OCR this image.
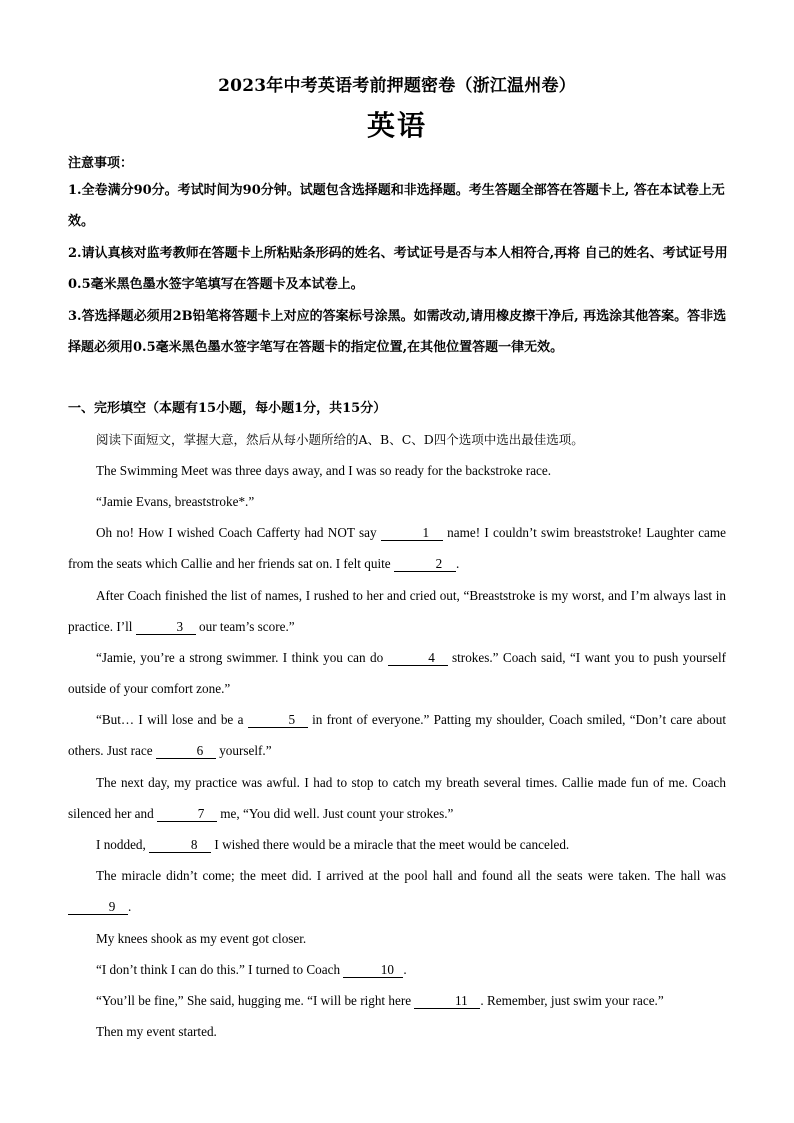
2023年中考英语考前押题密卷（浙江温州卷）
英语
注意事项：
1.全卷满分90分。考试时间为90分钟。试题包含选择题和非选择题。考生答题全部答在答题卡上, 答在本试卷上无效。
2.请认真核对监考教师在答题卡上所粘贴条形码的姓名、考试证号是否与本人相符合,再将 自己的姓名、考试证号用0.5毫米黑色墨水签字笔填写在答题卡及本试卷上。
3.答选择题必须用2B铅笔将答题卡上对应的答案标号涂黑。如需改动,请用橡皮擦干净后, 再选涂其他答案。答非选择题必须用0.5毫米黑色墨水签字笔写在答题卡的指定位置,在其他位置答题一律无效。
一、完形填空（本题有15小题，每小题1分，共15分）
阅读下面短文，掌握大意，然后从每小题所给的A、B、C、D四个选项中选出最佳选项。
The Swimming Meet was three days away, and I was so ready for the backstroke race.
“Jamie Evans, breaststroke*.”
Oh no! How I wished Coach Cafferty had NOT say	1 name! I couldn’t swim breaststroke! Laughter came from the seats which Callie and her friends sat on. I felt quite	2 .
After Coach finished the list of names, I rushed to her and cried out, “Breaststroke is my worst, and I’m always last in practice. I’ll	3 our team’s score.”
“Jamie, you’re a strong swimmer. I think you can do	4 strokes.” Coach said, “I want you to push yourself outside of your comfort zone.”
“But… I will lose and be a	5 in front of everyone.” Patting my shoulder, Coach smiled, “Don’t care about others. Just race	6 yourself.”
The next day, my practice was awful. I had to stop to catch my breath several times. Callie made fun of me. Coach silenced her and	7 me, “You did well. Just count your strokes.”
I nodded,	8 I wished there would be a miracle that the meet would be canceled.
The miracle didn’t come; the meet did. I arrived at the pool hall and found all the seats were taken. The hall was 9 .
My knees shook as my event got closer.
“I don’t think I can do this.” I turned to Coach	10 .
“You’ll be fine,” She said, hugging me. “I will be right here	11 . Remember, just swim your race.”
Then my event started.
